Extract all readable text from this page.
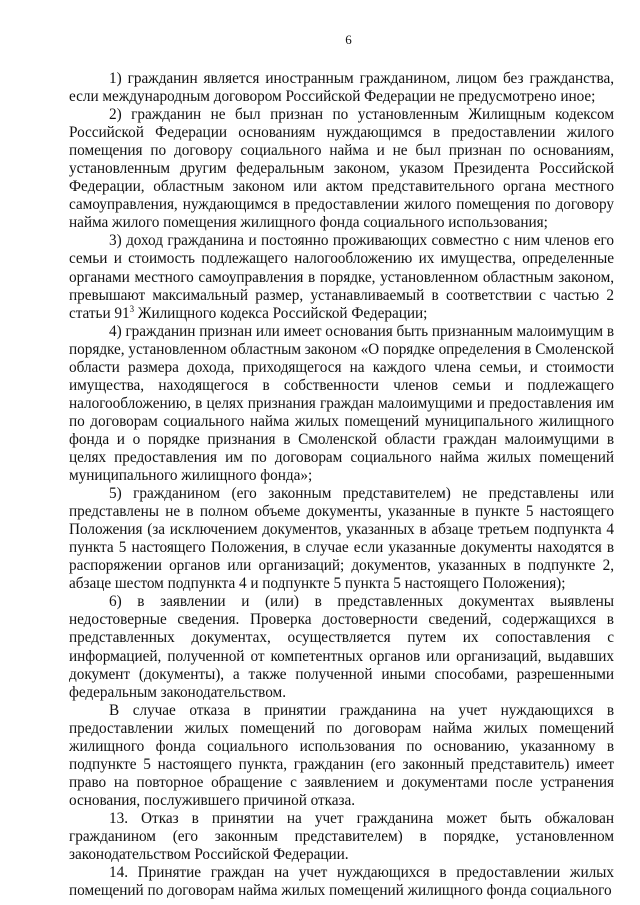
6

1) гражданин является иностранным гражданином, лицом без гражданства, если международным договором Российской Федерации не предусмотрено иное;

2) гражданин не был признан по установленным Жилищным кодексом Российской Федерации основаниям нуждающимся в предоставлении жилого помещения по договору социального найма и не был признан по основаниям, установленным другим федеральным законом, указом Президента Российской Федерации, областным законом или актом представительного органа местного самоуправления, нуждающимся в предоставлении жилого помещения по договору найма жилого помещения жилищного фонда социального использования;

3) доход гражданина и постоянно проживающих совместно с ним членов его семьи и стоимость подлежащего налогообложению их имущества, определенные органами местного самоуправления в порядке, установленном областным законом, превышают максимальный размер, устанавливаемый в соответствии с частью 2 статьи $91^3$ Жилищного кодекса Российской Федерации;

4) гражданин признан или имеет основания быть признанным малоимущим в порядке, установленном областным законом «О порядке определения в Смоленской области размера дохода, приходящегося на каждого члена семьи, и стоимости имущества, находящегося в собственности членов семьи и подлежащего налогообложению, в целях признания граждан малоимущими и предоставления им по договорам социального найма жилых помещений муниципального жилищного фонда и о порядке признания в Смоленской области граждан малоимущими в целях предоставления им по договорам социального найма жилых помещений муниципального жилищного фонда»;

5) гражданином (его законным представителем) не представлены или представлены не в полном объеме документы, указанные в пункте 5 настоящего Положения (за исключением документов, указанных в абзаце третьем подпункта 4 пункта 5 настоящего Положения, в случае если указанные документы находятся в распоряжении органов или организаций; документов, указанных в подпункте 2, абзаце шестом подпункта 4 и подпункте 5 пункта 5 настоящего Положения);

6) в заявлении и (или) в представленных документах выявлены недостоверные сведения. Проверка достоверности сведений, содержащихся в представленных документах, осуществляется путем их сопоставления с информацией, полученной от компетентных органов или организаций, выдавших документ (документы), а также полученной иными способами, разрешенными федеральным законодательством.

В случае отказа в принятии гражданина на учет нуждающихся в предоставлении жилых помещений по договорам найма жилых помещений жилищного фонда социального использования по основанию, указанному в подпункте 5 настоящего пункта, гражданин (его законный представитель) имеет право на повторное обращение с заявлением и документами после устранения основания, послужившего причиной отказа.

13. Отказ в принятии на учет гражданина может быть обжалован гражданином (его законным представителем) в порядке, установленном законодательством Российской Федерации.

14. Принятие граждан на учет нуждающихся в предоставлении жилых помещений по договорам найма жилых помещений жилищного фонда социального
